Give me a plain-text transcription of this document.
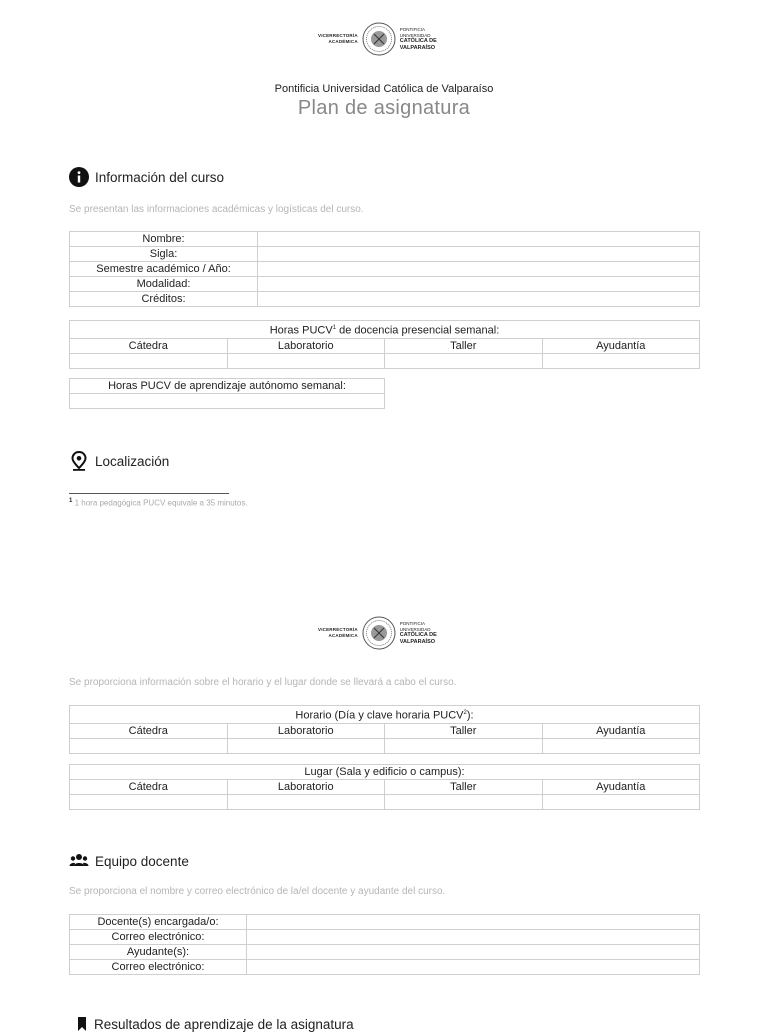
VICERRECTORÍA
ACADÉMICA
PONTIFICIA
UNIVERSIDAD
CATÓLICA DE
VALPARAÍSO
Pontificia Universidad Católica de Valparaíso
Plan de asignatura
Información del curso
Se presentan las informaciones académicas y logísticas del curso.
Nombre:	
Sigla:	
Semestre académico / Año:	
Modalidad:	
Créditos:	
Horas PUCV$^1$ de docencia presencial semanal:			
Cátedra	Laboratorio	Taller	Ayudantía

Horas PUCV de aprendizaje autónomo semanal:

Localización
$^1$ 1 hora pedagógica PUCV equivale a 35 minutos.
VICERRECTORÍA
ACADÉMICA
PONTIFICIA
UNIVERSIDAD
CATÓLICA DE
VALPARAÍSO
Se proporciona información sobre el horario y el lugar donde se llevará a cabo el curso.
Horario (Día y clave horaria PUCV$^2$):			
Cátedra	Laboratorio	Taller	Ayudantía

Lugar (Sala y edificio o campus):			
Cátedra	Laboratorio	Taller	Ayudantía

Equipo docente
Se proporciona el nombre y correo electrónico de la/el docente y ayudante del curso.
Docente(s) encargada/o:	
Correo electrónico:	
Ayudante(s):	
Correo electrónico:	
Resultados de aprendizaje de la asignatura
